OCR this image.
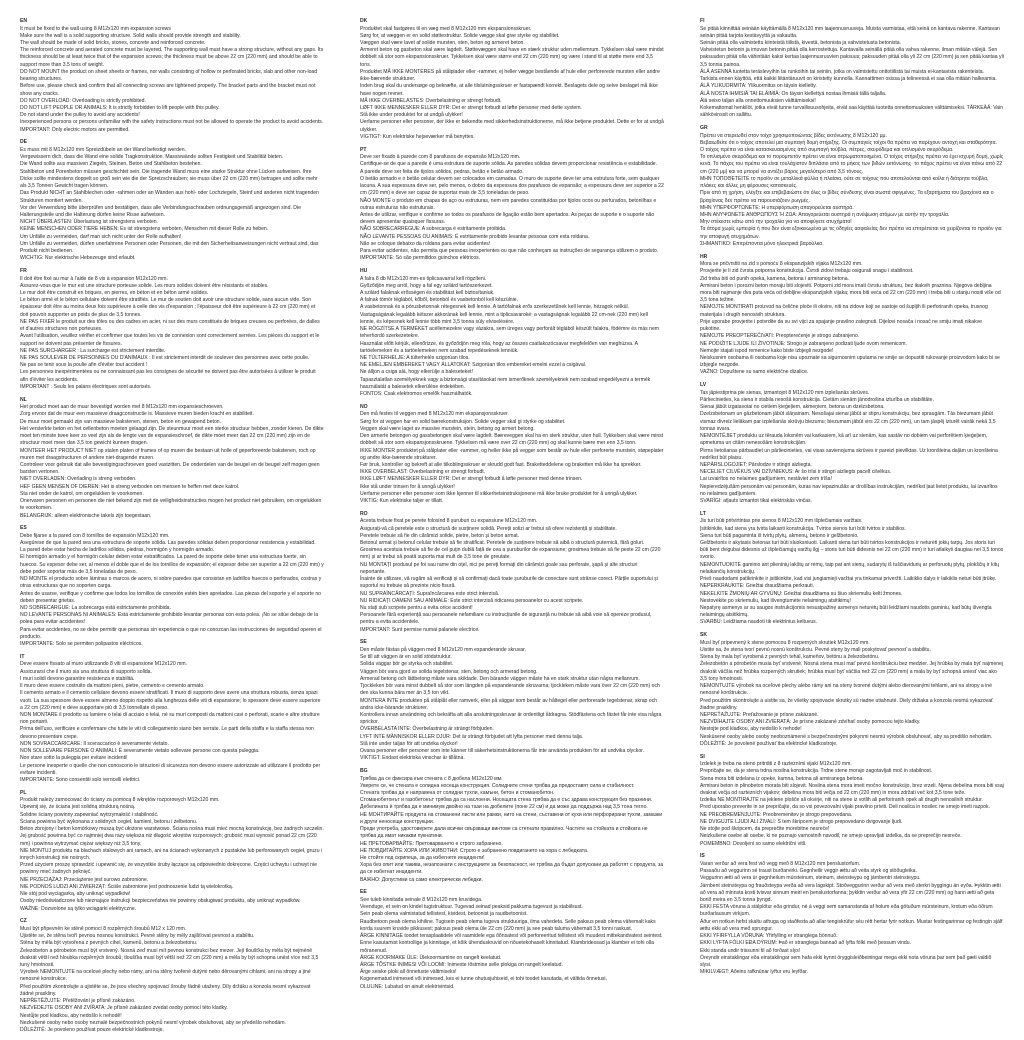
EN
It must be fixed to the wall using 8 M12x120 mm expansion screws
Make sure the wall is a solid supporting structure. Solid walls should provide strength and stability.
The wall should be made of solid bricks, stones, concrete and reinforced concrete.
The reinforced concrete and aerated concrete must be layered. The supporting wall must have a strong structure, without any gaps. Its thickness should be at least twice that of the expansion screws; the thickness must be above 22 cm (220 mm) and should be able to support more than 3.5 tons of weight.
DO NOT MOUNT the product on sheet sheets or frames, nor walls consisting of hollow or perforated bricks, slab and other non-load bearing structures.
Before use, please check and confirm that all connecting screws are tightened properly. The bracket parts and the bracket must not show any cracks.
DO NOT OVERLOAD: Overloading is strictly prohibited.
DO NOT LIFT PEOPLE OR ANIMALS: It is strictly forbidden to lift people with this pulley.
Do not stand under the pulley to avoid any accidents!
Inexperienced persons or persons unfamiliar with the safety instructions must not be allowed to operate the product to avoid accidents.
IMPORTANT: Only electric motors are permitted.
DE
Es muss mit 8 M12x120 mm Spreizdübeln an der Wand befestigt werden.
Vergewissern dich, dass die Wand eine solide Tragkonstruktion. Massivwände sollten Festigkeit und Stabilität bieten.
Die Wand sollte aus massiven Ziegeln, Steinen, Beton und Stahlbeton bestehen.
Stahlbeton und Porenbeton müssen geschichtet sein. Die tragende Wand muss eine starke Struktur ohne Lücken aufweisen. Ihre Dicke sollte mindestens doppelt so groß sein wie die der Spreizschrauben; sie muss über 22 cm (220 mm) betragen und sollte mehr als 3,5 Tonnen Gewicht tragen können.
Das Produkt NICHT an Stahlblechen oder -rahmen oder an Wänden aus hohl- oder Lochziegeln, Steinf und anderen nicht tragenden Strukturen montiert werden.
Vor der Verwendung bitte überprüfen und bestätigen, dass alle Verbindungsschrauben ordnungsgemäß angezogen sind. Die Halterungsteile und die Halterung dürfen keine Risse aufweisen.
NICHT ÜBERLASTEN: Überlastung ist strengstens verboten.
KEINE MENSCHEN ODER TIERE HEBEN: Es ist strengstens verboten, Menschen mit dieser Rolle zu heben.
Um Unfälle zu vermeiden, darf man sich nicht unter der Rolle aufhalten!
Um Unfälle zu vermeiden, dürfen unerfahrene Personen oder Personen, die mit den Sicherheitsanweisungen nicht vertraut sind, das Produkt nicht bedienen.
WICHTIG: Nur elektrische Hebezeuge sind erlaubt.
FR
Il doit être fixé au mur à l'aide de 8 vis à expansion M12x120 mm.
Assurez-vous que le mur est une structure porteuse solide. Les murs solides doivent être résistants et stables.
Le mur doit être construit en briques, en pierres, en béton et en béton armé solides.
Le béton armé et le béton cellulaire doivent être stratifiés. Le mur de soutien doit avoir une structure solide, sans aucun vide. Son épaisseur doit être au moins deux fois supérieure à celle des vis d'expansion ; l'épaisseur doit être supérieure à 22 cm (220 mm) et doit pouvoir supporter un poids de plus de 3,5 tonnes.
NE PAS FIXER le produit sur des tôles ou des cadres en acier, ni sur des murs constitués de briques creuses ou perforées, de dalles et d'autres structures non porteuses.
Avant l'utilisation, veuillez vérifier et confirmer que toutes les vis de connexion sont correctement serrées. Les pièces du support et le support ne doivent pas présenter de fissures.
NE PAS SURCHARGER : La surcharge est strictement interdite.
NE PAS SOULEVER DE PERSONNES OU D'ANIMAUX : Il est strictement interdit de soulever des personnes avec cette poulie.
Ne pas se tenir sous la poulie afin d'éviter tout accident !
Les personnes inexpérimentées ou ne connaissant pas les consignes de sécurité ne doivent pas être autorisées à utiliser le produit afin d'éviter les accidents.
IMPORTANT : Seuls les palans électriques sont autorisés.
NL
Het product moet aan de muur bevestigd worden met 8 M12x120 mm expansieschroeven.
Zorg ervoor dat de muur een massieve draagconstructie is. Massieve muren bieden kracht en stabiliteit.
De muur moet gemaakt zijn van massieve bakstenen, stenen, beton en gewapend beton.
Het versterkte beton en het cellenbeton moeten gelaagd zijn. De steunmuur moet een sterke structuur hebben, zonder kieren. De dikte moet ten minste twee keer zo veel zijn als de lengte van de expansieschroef, de dikte moet meer dan 22 cm (220 mm) zijn en de structuur moet meer dan 3,5 ton gewicht kunnen dragen.
MONTEER HET PRODUCT NIET op stalen platen of frames of op muren die bestaan uit holle of geperforeerde bakstenen, roch op muren met draagstructuren of andere niet-dragende muren.
Controleer voor gebruik dat alle bevestigingsschroeven goed vastzitten. De onderdelen van de beugel en de beugel zelf mogen geen barsten vertonen.
NIET OVERLADEN: Overlading is streng verboden.
HEF GEEN MENSEN OF DIEREN: Het is streng verboden om mensen te heffen met deze katrol.
Sta niet onder de katrol, om ongelukken te voorkomen.
Onervaren personen en personen die niet bekend zijn met de veiligheidsinstructies mogen het product niet gebruiken, om ongelukken te voorkomen.
BELANGRIJK: alleen elektronische takels zijn toegestaan.
ES
Debe fijarse a la pared con 8 tornillos de expansión M12x120 mm.
Asegúrese de que la pared sea una estructura de soporte sólida. Las paredes sólidas deben proporcionar resistencia y estabilidad.
La pared debe estar hecha de ladrillos sólidos, piedras, hormigón y hormigón armado.
El hormigón armado y el hormigón celular deben estar estratificados. La pared de soporte debe tener una estructura fuerte, sin huecos. Su espesor debe ser, al menos el doble que el de los tornillos de expansión; el espesor debe ser superior a 22 cm (220 mm) y debe poder soportar más de 3,5 toneladas de peso.
NO MONTE el producto sobre láminas o marcos de acero, ni sobre paredes que consistan en ladrillos huecos o perforados, costras y otras estructuras que no soporten carga.
Antes de usarse, verifique y confirme que todos los tornillos de conexión estén bien apretados. Las piezas del soporte y el soporte no deben presentar grietas.
NO SOBRECARGUE: La sobrecarga está estrictamente prohibida.
NO LEVANTE PERSONAS NI ANIMALES: Está estrictamente prohibido levantar personas con esta polea. ¡No se sitúe debajo de la polea para evitar accidentes!
Para evitar accidentes, no se debe permitir que personas sin experiencia o que no conozcan las instrucciones de seguridad operen el producto.
IMPORTANTE: Solo se permiten polipastos eléctricos.
IT
Deve essere fissato al muro utilizzando 8 viti di espansione M12x120 mm.
Assicurarsi che il muro sia una struttura di supporto solida.
I muri solidi devono garantire resistenza e stabilità.
Il muro deve essere costruito da mattoni pieni, pietre, cemento e cemento armato.
Il cemento armato e il cemento cellulare devono essere stratificati. Il muro di supporto deve avere una struttura robusta, senza spazi vuoti. La sua spessore deve essere almeno doppio rispetto alla lunghezza delle viti di espansione; lo spessore deve essere superiore a 22 cm (220 mm) e deve supportare più di 3,5 tonnellate di peso.
NON MONTARE il prodotto su lamiere o telai di acciaio o telai, né su muri composti da mattoni cavi o perforati, scarie e altre strutture non portanti.
Prima dell'uso, verificare e confermare che tutte le viti di collegamento siano ben serrate. Le parti della staffa e la staffa stessa non devono presentare crepe.
NON SOVRACCARICARE: Il sovraccarico è severamente vietato.
NON SOLLEVARE PERSONE O ANIMALI: È severamente vietato sollevare persone con questa puleggia.
Non stare sotto la puleggia per evitare incidenti!
Le persone inesperte o quelle che non conoscono le istruzioni di sicurezza non devono essere autorizzate ad utilizzare il prodotto per evitare incidenti.
IMPORTANTE: Sono consentiti solo verricelli elettrici.
PL
Produkt należy zamocować do ściany za pomocą 8 wkrętów rozporowych M12x120 mm.
Upewnij się, że ściana jest solidną strukturą nośną.
Solidne ściany powinny zapewniać wytrzymałość i stabilność.
Ściana powinna być wykonana z solidnych cegieł, kamieni, betonu i żelbetonu.
Beton zbrojony i beton komórkowy muszą być ułożone warstwowo. Ściana nośna musi mieć mocną konstrukcję, bez żadnych szczelin. Jej grubość powinna być co najmniej dwa razy większa niż długość wkrętów rozporowych; grubość musi wynosić ponad 22 cm (220 mm) i powinna wytrzymać ciężar większy niż 3,5 tony.
NIE MONTUJ produktu na blachach stalowych ani ramach, ani na ścianach wykonanych z pustaków lub perforowanych cegieł, gruzu i innych konstrukcji nie nośnych.
Przed użyciem proszę sprawdzić i upewnić się, że wszystkie śruby łączące są odpowiednio dokręcone. Części uchwytu i uchwyt nie powinny mieć żadnych pęknięć.
NIE PRZECIĄŻAJ: Przeciążenie jest surowo zabronione.
NIE PODNOŚ LUDZI ANI ZWIERZĄT: Ściśle zabronione jest podnoszenie ludzi tą wielokrotką.
Nie stój pod wyciągarką, aby uniknąć wypadków!
Osoby niedoświadczone lub nieznające instrukcji bezpieczeństwa nie powinny obsługiwać produktu, aby uniknąć wypadków.
WAŻNE: Dozwolone są tylko wciągarki elektryczne.
CZ
Musí být připevněn ke stěně pomocí 8 rozpěrných šroubů M12 x 120 mm.
Ujistěte se, že stěna tvoří pevnou nosnou konstrukci. Pevné stěny by měly zajišťovat pevnost a stabilitu.
Stěna by měla být vytvořena z pevných cihel, kamenů, betonu a železobetonu.
Železobeton a pórobeton musí být vrstvený. Nosná zeď musí mít pevnou konstrukci bez mezer. Její tloušťka by měla být nejméně dvakrát větší než hloubka rozpěrných šroubů; tloušťka musí být větší než 22 cm (220 mm) a měla by být schopna unést více než 3,5 tuny hmotnosti.
Výrobek NEMONTUJTE na ocelové plechy nebo rámy, ani na stěny tvořené dutými nebo děrovanými cihlami, ani na stropy a jiné nenosné konstrukce.
Před použitím zkontrolujte a ujistěte se, že jsou všechny spojovací šrouby řádně utaženy. Díly držáku a konzola nesmí vykazovat žádné praskliny.
NEPŘETĚŽUJTE: Přetěžování je přísně zakázáno.
NEZVEDEJTE OSOBY ANI ZVÍŘATA: Je přísně zakázáno zvedat osoby pomocí této kladky.
Nestůjte pod kladkou, aby nedošlo k nehodě!
Nezkušené osoby nebo osoby neznalé bezpečnostních pokynů nesmí výrobek obsluhovat, aby se předešlo nehodám.
DŮLEŽITÉ: Je povoleno používat pouze elektrické kladkostroje.
DK
Produktet skal fastgøres til en væg med 8 M12x120 mm ekspansionsskruer.
Sørg for, at væggen er en solid støttestruktur. Solide vægge skal give styrke og stabilitet.
Væggen skal være lavet af solide mursten, sten, beton og armeret beton.
Armeret beton og gasbeton skal være lagdelt. Støttevæggen skal have en stærk struktur uden mellemrum. Tykkelsen skal være mindst dobbelt så stor som ekspansionsskruer. Tykkelsen skal være større end 22 cm (220 mm) og være i stand til at støtte mere end 3,5 tons.
Produktet MÅ IKKE MONTERES på stålplader eller -rammer, ej heller vægge bestående af hule eller perforerede mursten eller andre ikke-bærende strukturer.
Inden brug skal du undersøge og bekræfte, at alle tilslutningsskruer er fastspændt korrekt. Beslagets dele og selve beslaget må ikke have nogen revner.
MÅ IKKE OVERBELASTES: Overbelastning er strengt forbudt.
LØFT IKKE MENNESKER ELLER DYR: Det er strengt forbudt at løfte personer med dette system.
Stå ikke under produktet for at undgå ulykker!
Uerfarne personer eller personer, der ikke er bekendte med sikkerhedsinstruktionerne, må ikke betjene produktet. Dette er for at undgå ulykker.
VIGTIGT: Kun elektriske hejseværker må benyttes.
PT
Deve ser fixado à parede com 8 parafusos de expansão M12x120 mm.
Certifique-se de que a parede é uma estrutura de suporte sólida. As paredes sólidas devem proporcionar resistência e estabilidade.
A parede deve ser feita de tijolos sólidos, pedras, betão e betão armado.
O betão armado e o betão celular devem ser colocados em camadas. O muro de suporte deve ter uma estrutura forte, sem qualquer lacuna. A sua espessura deve ser, pelo menos, o dobro da espessura dos parafusos de expansão; a espessura deve ser superior a 22 cm (220 mm) e deve ser capaz de suportar mais de 3,5 toneladas de peso.
NÃO MONTE o produto em chapas de aço ou estruturas, nem em paredes constituídas por tijolos ocos ou perfurados, betonilhas e outras estruturas não estruturais.
Antes de utilizar, verifique e confirme se todos os parafusos de ligação estão bem apertados. As peças de suporte e o suporte não devem apresentar quaisquer fissuras.
NÃO SOBRECARREGUE: A sobrecarga é estritamente proibida.
NÃO LEVANTE PESSOAS OU ANIMAIS: É estritamente proibido levantar pessoas com esta roldana.
Não se coloque debaixo da roldana para evitar acidentes!
Para evitar acidentes, não permita que pessoas inexperientes ou que não conheçam as instruções de segurança utilizem o produto.
IMPORTANTE: Só são permitidos guinchos elétricos.
HU
A falra 8 db M12x120 mm-es tiplicsavarral kell rögzíteni.
Győződjön meg arról, hogy a fal egy szilárd tartószerkezet.
A szilárd falaknak erősségen és stabilitást kell biztosítaniuk.
A falnak tömör téglából, kőből, betonból és vasbetonból kell készülnie.
A vasbetonnak és a pórusbetonnak rétegesnek kell lennie. A tartófalnak erős szerkezetűnek kell lennie, hézagok nélkül. Vastagságának legalább kétszer akkorának kell lennie, mint a tiplicsavaroké; a vastagságnak legalább 22 cm-nek (220 mm) kell lennie, és képesnek kell lennie több mint 3,5 tonna súly elviselésére.
NE RÖGZÍTSE A TERMÉKET acéllemezekre vagy vázakra, sem üreges vagy perforált téglából készült falakra, födémre és más nem teherhordó szerkezetekre.
Használat előtt kérjük, ellenőrizze, és győződjön meg róla, hogy az összes csatlakozócsavar megfelelően van meghúzva. A tartóelemeken és a tartóelemeken nem szabad repedéseknek lenniük.
NE TÚLTERHELJE: A túlterhelés szigorúan tilos.
NE EMELJEN EMBEREKET VAGY ÁLLATOKAT: Szigorúan tilos embereket emelni ezzel a csigával.
Ne álljon a csiga alá, hogy elkerülje a baleseteket!
Tapasztalatlan személyeknek vagy a biztonsági utasításokat nem ismerőknek személyeknek nem szabad engedélyezni a termék használatát a balesetek elkerülése érdekében.
FONTOS: Csak elektromos emelők használhatók.
NO
Den må festes til veggen med 8 M12x120 mm ekspansjonsskruer.
Sørg for at veggen har en solid bærekonstruksjon. Solide vegger skal gi styrke og stabilitet.
Veggen skal være laget av massive murstein, stein, betong og armert betong.
Den armerte betongen og gassbetongen skal være lagdelt. Bæreveggen skal ha en sterk struktur, uten hull. Tykkelsen skal være minst dobbelt så stor som ekspansjonsskruene. Tykkelsen må være over 22 cm (220 mm) og skal kunne bære mer enn 3,5 tonn.
IKKE MONTER produktet på stålplater eller -rammer, og heller ikke på vegger som består av hule eller perforerte murstein, støpeplater og andre ikke-bærende strukturer.
Før bruk, kontroller og bekreft at alle tilkoblingsskruer er skrudd godt fast. Braketteddelene og braketten må ikke ha sprekker.
IKKE OVERBELAST: Overbelastning er strengt forbudt.
IKKE LØFT MENNESKER ELLER DYR: Det er strengt forbudt å løfte personer med denne trinsen.
Ikke stå under trinsen for å unngå ulykker!
Uerfarne personer eller personer som ikke kjenner til sikkerhetsinstruksjonene må ikke bruke produktet for å unngå ulykker.
VIKTIG: Kun elektriske taljer er tillatt.
RO
Acesta trebuie fixat pe perete folosind 8 șuruburi cu expansiune M12x120 mm.
Asigurați-vă că peretele este o structură de susținere solidă. Pereții solizi ar trebui să ofere rezistență și stabilitate.
Peretele trebuie să fie din cărămizi solide, pietre, beton și beton armat.
Betonul armat și betonul celular trebuie să fie stratificat. Peretele de susținere trebuie să aibă o structură puternică, fără goluri. Grosimea acestuia trebuie să fie de cel puțin dublă față de cea a șuruburilor de expansiune; grosimea trebuie să fie peste 22 cm (220 mm) și ar trebui să poată suporta mai mult de 3,5 tone de greutate.
NU MONTAȚI produsul pe foi sau rame din oțel, nici pe pereți formați din cărămizi goale sau perforate, șapă și alte structuri neportante.
Înainte de utilizare, vă rugăm să verificați și să confirmați dacă toate șuruburile de conectare sunt strânse corect. Părțile suportului și suportul nu trebuie să prezinte nicio fisură.
NU SUPRAÎNCĂRCAȚI: Supraîncărcarea este strict interzisă.
NU RIDICAȚI OAMENI SAU ANIMALE: Este strict interzisă ridicarea persoanelor cu acest scripete.
Nu stați sub scripete pentru a evita orice accident!
Persoanele fără experiență sau persoanele nefamiliare cu instrucțiunile de siguranță nu trebuie să aibă voie să opereze produsul, pentru a evita accidentele.
IMPORTANT: Sunt permise numai palanele electrice.
SE
Den måste fästas på väggen med 8 M12x120 mm expanderande skruvar.
Se till att väggen är en solid stödstruktur.
Solida väggar bör ge styrka och stabilitet.
Väggen bör vara gjord av solida tegelstenar, sten, betong och armerad betong.
Armerad betong och lättbetong måste vara skiktade. Den bärande väggen måste ha en stark struktur utan några mellanrum. Tjockleken bör vara minst dubbelt så stor som längden på expanderande skruvarna; tjockleken måste vara över 22 cm (220 mm) och den ska kunna bära mer än 3,5 ton vikt.
MONTERA INTE produkten på stålplåt eller ramverk, eller på väggar som består av håltegel eller perforerade tegelstenar, skrap och andra icke-bärande strukturer.
Kontrollera innan användning och bekräfta att alla anslutningsskruvar är ordentligt åtdragna. Stödfästena och fästet får inte visa några sprickor.
ÖVERBELASTA INTE: Överbelastning är strängt förbjuden.
LYFT INTE MÄNNISKOR ELLER DJUR: Det är strängt förbjudet att lyfta personer med denna talja.
Stå inte under taljan för att undvika olyckor!
Ovana personer eller personer som inte känner till säkerhetsinstruktionerna får inte använda produkten för att undvika olyckor.
VIKTIGT: Endast elektriska vinschar är tillåtna.
BG
Трябва да се фиксира към стената с 8 дюбела M12x120 мм.
Уверете се, че стената е солидна носеща конструкция. Солидните стени трябва да предоставят сила и стабилност.
Стената трябва да е направена от солидни тухли, камъни, бетон и стоманобетон.
Стоманобетонът и газобетонът трябва да са наслоени. Носещата стена трябва да е със здрава конструкция без празнини. Дебелината ѝ трябва да е минимум двойно на тази на дюбелите (поне 22 см) и да може да поддържа над 3,5 тона тегло.
НЕ МОНТИРАЙТЕ продукта на стоманени листи или рамки, нито на стени, съставени от кухи или перфорирани тухли, замазки и други неносещи конструкции.
Преди употреба, удостоверете дали всички свързващи винтове са стегнати правилно. Частите на стойката и стойката не трябва да имат никакви пукнатини.
НЕ ПРЕТОВАРВАЙТЕ: Претоварването е строго забранено.
НЕ ПОВДИГАЙТЕ ХОРА ИЛИ ЖИВОТНИ: Строго е забранено повдигането на хора с лебедката.
Не стойте под скрипеца, за да избегнете инциденти!
Хора без опит или такива, незапознати с инструкциите за безопасност, не трябва да бъдат допускани да работят с продукта, за да се избегнат инциденти.
ВАЖНО: Допустими са само електрически лебедки.
EE
See tuleb kinnitada seinale 8 M12x120 mm kruvidega.
Veenduge, et sein on kindel tugistruktuur. Tugevad seinad peaksid pakkuma tugevust ja stabiilsust.
Sein peab olema valmistatud tellistest, kividest, betoonist ja raudbetoonist.
Raudbetoon peab olema kihiline. Tugisein peab olema tugeva struktuuriga, ilma vahedeta. Selle paksus peab olema vähemalt kaks korda suurem kruvide pikkusest; paksus peab olema üle 22 cm (220 mm) ja see peab taluma vähemalt 3,5 tonni raskust.
ÄRGE KINNITAGE toodet terasplaatidele või raamidele ega õõnsatest või perforeeritud tellistest või muudest mittekandvatest seintest.
Enne kasutamist kontrollige ja kinnitage, et kõik ühenduskruvid on nõuetekohaselt kinnitatud. Klambrideosad ja klamber ei tohi olla mõranenud.
ÄRGE KOORMAKE ÜLE: Ülekoormamine on rangelt keelatud.
ÄRGE TÕSTKE INIMESI VÕI LOOMI: Inimeste tõstmine selle plokiga on rangelt keelatud.
Ärge seiske ploki all õnnetuste vältimiseks!
Kogenematud inimesed või inimesed, kes ei tunne ohutusjuhiseid, ei tohi toodet kasutada, et vältida õnnetusi.
OLULINE: Lubatud on ainult elektrivintsid.
FI
Se pitää kiinnittää seinään käyttämällä 8 M12x120 mm laajennusruuveja. Muista varmistaa, että seinä on kantava rakenne. Kantavan seinän pitää tarjota kestävyyttä ja vakautta.
Seinän pitää olla valmistettu kiinteistä tiilistä, kivestä, betonista ja vahvistetusta betonista.
Vahvistetun betonin ja imuvan betonin pitää olla kerrostettuja. Kantavalla seinällä pitää olla vahva rakenne, ilman mitään välejä. Sen paksuuden pitää olla vähintään kaksi kertaa laajennusruuvien paksuus; paksuuden pitää olla yli 22 cm (220 mm) ja sen pitää kantaa yli 3,5 tonnia painoa.
ÄLÄ ASENNA tuotetta teräslevyihin tai runkoihin tai seiniin, jotka on valmistettu onttotiilistä tai muista ei-kantavista rakenteista.
Tarkista ennen käyttöä, että kaikki liitäntäruuvit on kiristetty kunnolla. Kannattimen osissa ja telineessä ei saa olla mitään halkeamia.
ÄLÄ YLIKUORMITA: Ylikuormitus on täysin kielletty.
ÄLÄ NOSTA IHMISIÄ TAI ELÄIMIÄ: On täysin kiellettyä nostaa ihmisiä tällä taljalla.
Älä seiso taljan alla onnettomuuksien välttämiseksi!
Kokemattomat henkilöt, jotka eivät tunne turvallisuusohjeita, eivät saa käyttää tuotetta onnettomuuksien välttämiseksi. TÄRKEÄÄ: Vain sähkövinssit on sallittu.
GR
Πρέπει να στερεωθεί στον τοίχο χρησιμοποιώντας βίδες εκτόνωσης 8 M12x120 μμ.
Βεβαιωθείτε ότι ο τοίχος αποτελεί μια συμπαγή δομή στήριξης. Οι συμπαγείς τοίχοι θα πρέπει να παρέχουν αντοχή και σταθερότητα.
Ο τοίχος πρέπει να είναι κατασκευασμένος από συμπαγή τούβλα, πέτρες, σκυρόδεμα και οπλισμένο σκυρόδεμα.
Το οπλισμένο σκυρόδεμα και το πορομπετόν πρέπει να είναι στρωματοποιημένα. Ο τοίχος στήριξης πρέπει να έχει ισχυρή δομή, χωρίς κενά. Το πάχος του πρέπει να είναι τουλάχιστον διπλάσιο από το μήκος των βιδών εκτόνωσης· το πάχος πρέπει να είναι πάνω από 22 cm (220 μμ) και να μπορεί να αντέξει βάρος μεγαλύτερο από 3,5 τόνους.
ΜΗΝ ΤΟΠΟΘΕΤΕΙΤΕ το προϊόν σε μεταλλικά φύλλα ή πλαίσια, ούτε σε τοίχους που αποτελούνται από κοίλα ή διάτρητα τούβλα, πλάκες και άλλες μη φέρουσες κατασκευές.
Πριν από τη χρήση, ελέγξτε και επιβεβαιώστε ότι όλες οι βίδες σύνδεσης είναι σωστά σφιγμένες. Τα εξαρτήματα του βραχίονα και ο βραχίονας δεν πρέπει να παρουσιάζουν ρωγμές.
ΜΗΝ ΥΠΕΡΦΟΡΤΩΝΕΤΕ: Η υπερφόρτωση απαγορεύεται αυστηρά.
ΜΗΝ ΑΝΥΨΩΝΕΤΕ ΑΝΘΡΩΠΟΥΣ Ή ΖΩΑ: Απαγορεύεται αυστηρά η ανύψωση ατόμων με αυτήν την τροχαλία.
Μην στέκεστε κάτω από την τροχαλία για να αποφύγετε ατυχήματα!
Τα άτομα χωρίς εμπειρία ή που δεν είναι εξοικειωμένα με τις οδηγίες ασφαλείας δεν πρέπει να επιτρέπεται να χειρίζονται το προϊόν για την αποφυγή ατυχημάτων.
ΣΗΜΑΝΤΙΚΟ: Επιτρέπονται μόνο ηλεκτρικά βαρούλκα.
HR
Mora se pričvrstiti na zid s pomoću 8 ekspanzijskih vijaka M12x120 mm.
Provjerite je li zid čvrsta potporna konstrukcija. Čvrsti zidovi trebaju osigurati snagu i stabilnost.
Zid treba biti od punih opeka, kamena, betona i armiranog betona.
Armirani beton i porozni beton moraju biti slojeviti. Potporni zid mora imati čvrstu strukturu, bez ikakvih praznina. Njegova debljina mora biti najmanje dva puta veća od debljine ekspanzijskih vijaka; mora biti veća od 22 cm (220 mm) i treba biti u stanju nositi više od 3,5 tona težine.
NEMOJTE MONTIRATI proizvod na čelične ploče ili okvire, niti na zidove koji se sastoje od šupljih ili perforiranih opeka, trusnog materijala i drugih nenosivih struktura.
Prije uporabe provjerite i potvrdite da su svi vijci za spajanje pravilno zategnuti. Dijelovi nosača i nosač ne smiju imati nikakve pukotine.
NEMOJTE PREOPTEREĆIVATI: Preopterećenje je strogo zabranjeno.
NE PODIŽITE LJUDE ILI ŽIVOTINJE: Strogo je zabranjeno podizati ljude ovom remenicom.
Nemojte stajati ispod remenice kako biste izbjegli nezgode!
Neiskusnim osobama ili osobama koje nisu upoznate sa sigurnosnim uputama ne smije se dopustiti rukovanje proizvodom kako bi se izbjegle nezgode.
VAŽNO: Dopuštene su samo električne dizalice.
LV
Tas jāpiestiprina pie sienas, izmantojot 8 M12x120 mm izplešanās skrūves.
Pārliecinieties, ka siena ir stabila nesošā konstrukcija. Cietām sienām jānodrošina izturība un stabilitāte.
Sienai jābūt izgatavotai no cietiem ķieģeļiem, akmeņiem, betona un dzelzsbetona.
Dzelzsbetonam un gāzbetonam jābūt slāņainam. Nesošajai sienai jābūt ar stipru konstrukciju, bez spraugām. Tās biezumam jābūt vismaz divreiz lielākam par izplešanās skrūvju biezumu; biezumam jābūt virs 22 cm (220 mm), un tam jāspēj izturēt vairāk nekā 3,5 tonnas svara.
NEMONTĒJIET produktu uz tērauda loksnēm vai karkasiem, kā arī uz sienām, kas sastāv no dobiem vai perforētiem ķieģeļiem, apmetuma un citām nenesošām konstrukcijām.
Pirms lietošanas pārbaudiet un pārliecinieties, vai visas savienojuma skrūves ir pareizi pievilktas. Uz kronšteina daļām un kronšteina nedrīkst būt plaisu.
NEPĀRSLOGOJIET: Pārslodze ir stingri aizliegta.
NECELIET CILVĒKUS VAI DZĪVNIEKUS: Ar šo trīsi ir stingri aizliegts pacelt cilvēkus.
Lai izvairītos no nelaimes gadījumiem, nestāviet zem trīša!
Nepieredzējušām personām vai personām, kuras nav iepazinušās ar drošības instrukcijām, nedrīkst ļaut lietot produktu, lai izvairītos no nelaimes gadījumiem.
SVARĪGI: atļauts izmantot tikai elektriskās vinčas.
LT
Jis turi būti pritvirtintas prie sienos 8 M12x120 mm išplečiamais varžtais.
Įsitikinkite, kad siena yra tvirta laikanti konstrukcija. Tvirtos sienos turi būti tvirtos ir stabilios.
Siena turi būti pagaminta iš tvirtų plytų, akmenų, betono ir gelžbetonio.
Gelžbetonis ir akytasis betonas turi būti sluoksniuoti. Laikanti siena turi būti tvirtos konstrukcijos ir neturėti jokių tarpų. Jos storis turi būti bent dvigubai didesnis už išplečiamųjų varžtų ilgį – storis turi būti didesnis nei 22 cm (220 mm) ir turi atlaikyti daugiau nei 3,5 tonos svorio.
NEMONTUOKITE gaminio ant plieninių lakštų ar rėmų, taip pat ant sienų, sudarytų iš tuščiavidurių ar perforuotų plytų, plokščių ir kitų nelaikančių konstrukcijų.
Prieš naudodami patikrinkite ir įsitikinkite, kad visi jungiamieji varžtai yra tinkamai priveržti. Laikiklio dalys ir laikiklis neturi būti įtrūkę.
NEPERKRAUKITE: Griežtai draudžiama perkrauti.
NEKELKITE ŽMONIŲ AR GYVŪNŲ: Griežtai draudžiama su šiuo skriemuliu kelti žmones.
Nestovėkite po skriemuliu, kad išvengtumėte nelaimingų atsitikimų!
Nepatyrę asmenys ar su saugos instrukcijomis nesusipažinę asmenys neturėtų būti leidžiami naudotis gaminiu, kad būtų išvengta nelaimingų atsitikimų.
SVARBU: Leidžiama naudoti tik elektrinius keltuvus.
SK
Musí byť pripevnený k stene pomocou 8 rozperných skrutiek M12x120 mm.
Uistite sa, že stena tvorí pevnú nosnú konštrukciu. Pevné steny by mali poskytovať pevnosť a stabilitu.
Stena by mala byť vyrobená z pevných tehál, kameňov, betónu a železobetónu.
Železobetón a pórobetón musia byť vrstvené. Nosná stena musí mať pevnú konštrukciu bez medzier. Jej hrúbka by mala byť najmenej dvakrát väčšia než hrúbka rozperných skrutiek; hrúbka musí byť väčšia než 22 cm (220 mm) a mala by byť schopná uniesť viac ako 3,5 tony hmotnosti.
NEMONTUJTE výrobok na oceľové plechy alebo rámy ani na steny tvorené dutými alebo dierovanými tehlami, ani na stropy a iné nenosné konštrukcie.
Pred použitím skontrolujte a uistite sa, že všetky spojovacie skrutky sú riadne utiahnuté. Diely držiaka a konzola nesmú vykazovať žiadne praskliny.
NEPREŤAŽUJTE: Preťažovanie je prísne zakázané.
NEZVDÍHAJTE OSOBY ANI ZVIERATÁ: Je prísne zakázané zdvíhať osoby pomocou tejto kladky.
Nestojte pod kladkou, aby nedošlo k nehode!
Neskúsené osoby alebo osoby neoboznámené s bezpečnostnými pokynmi nesmú výrobok obsluhovať, aby sa predišlo nehodám.
DÔLEŽITÉ: Je povolené používať iba elektrické kladkostroje.
SI
Izdelek je treba na steno pritrditi z 8 raztezními vijaki M12x120 mm.
Prepričajte se, da je stena trdna nosilna konstrukcija. Trdne stene morajo zagotavljati moč in stabilnost.
Stena mora biti izdelana iz opeke, kamna, betona ali armiranega betona.
Armirani beton in plinobeton morata biti slojevit. Nosilna stena mora imeti močno konstrukcijo, brez vrzeli. Njena debelina mora biti vsaj dvakrat večja od raztezních vijakov; debelina mora biti večja od 22 cm (220 mm) in mora zdržati več kot 3,5 tone teže.
Izdelka NE MONTIRAJTE na jeklene plošče ali okvirje, niti na stene iz votlih ali perforiranih opek ali drugih nenosilnih struktur.
Pred uporabo preverite in se prepričajte, da so vsi povezovalni vijaki pravilno priviti. Deli nosilca in nosilec ne smejo imeti razpok.
NE PREOBREMENJUJTE: Preobremenitev je strogo prepovedana.
NE DVIGUJTE LJUDI ALI ŽIVALI: S tem škripcem je strogo prepovedano dvigovanje ljudi.
Ne stojte pod škripcem, da preprečite morebitne nesreče!
Neizkušene osebe ali osebe, ki ne poznajo varnostnih navodil, ne smejo upravljati izdelka, da se preprečijo nesreče.
POMEMBNO: Dovoljeni so samo električni vitli.
IS
Varan verður að vera fest við vegg með 8 M12x120 mm þenslustorfum.
Passaðu að veggurinn sé traust burðarvirki. Gegnheilir veggir ættu að veita styrk og stöðugleika.
Veggurinn ætti að vera úr gegnheilum múrsteinum, steinum, steinsteypu og járnbentri steinsteypu.
Járnbent steinsteypa og frauðsteypa verða að vera lagskipt. Stoðveggurinn verður að vera með sterkri byggingu án eyða. Þykktin ætti að vera að minnsta kosti tvisvar sinnum meiri en þenslustorfanna; þykktin verður að vera yfir 22 cm (220 mm) og hann ætti að geta borið meira en 3,5 tonna þyngd.
EKKI FESTA vöruna á stálplötur eða grindur, né á veggi sem samanstanda af holum eða götuðum múrsteinum, krotum eða öðrum burðarlausum virkjum.
Áður en notkun hefst skaltu athuga og staðfesta að allar tengiskrúfur séu rétt hertar fyrir notkun. Mustar festingarinnar og festingin sjálf ættu ekki að vera með sprungur.
EKKI YFIRFYLLA VÖRUNA: Yfirfylling er stranglega bönnuð.
EKKI LYFTA FÓLKI EÐA DÝRUM: Það er stranglega bannað að lyfta fólki með þessum vindu.
Ekki standa undir trissunni til að forðast slys!
Óreyndir einstaklingar eða einstaklingar sem hafa ekki kynnt öryggisleiðbeiningar mega ekki nota vöruna þar sem það gæti valdið slysi.
MIKILVÆGT: Aðeins rafknúnar lyftur eru leyfðar.
